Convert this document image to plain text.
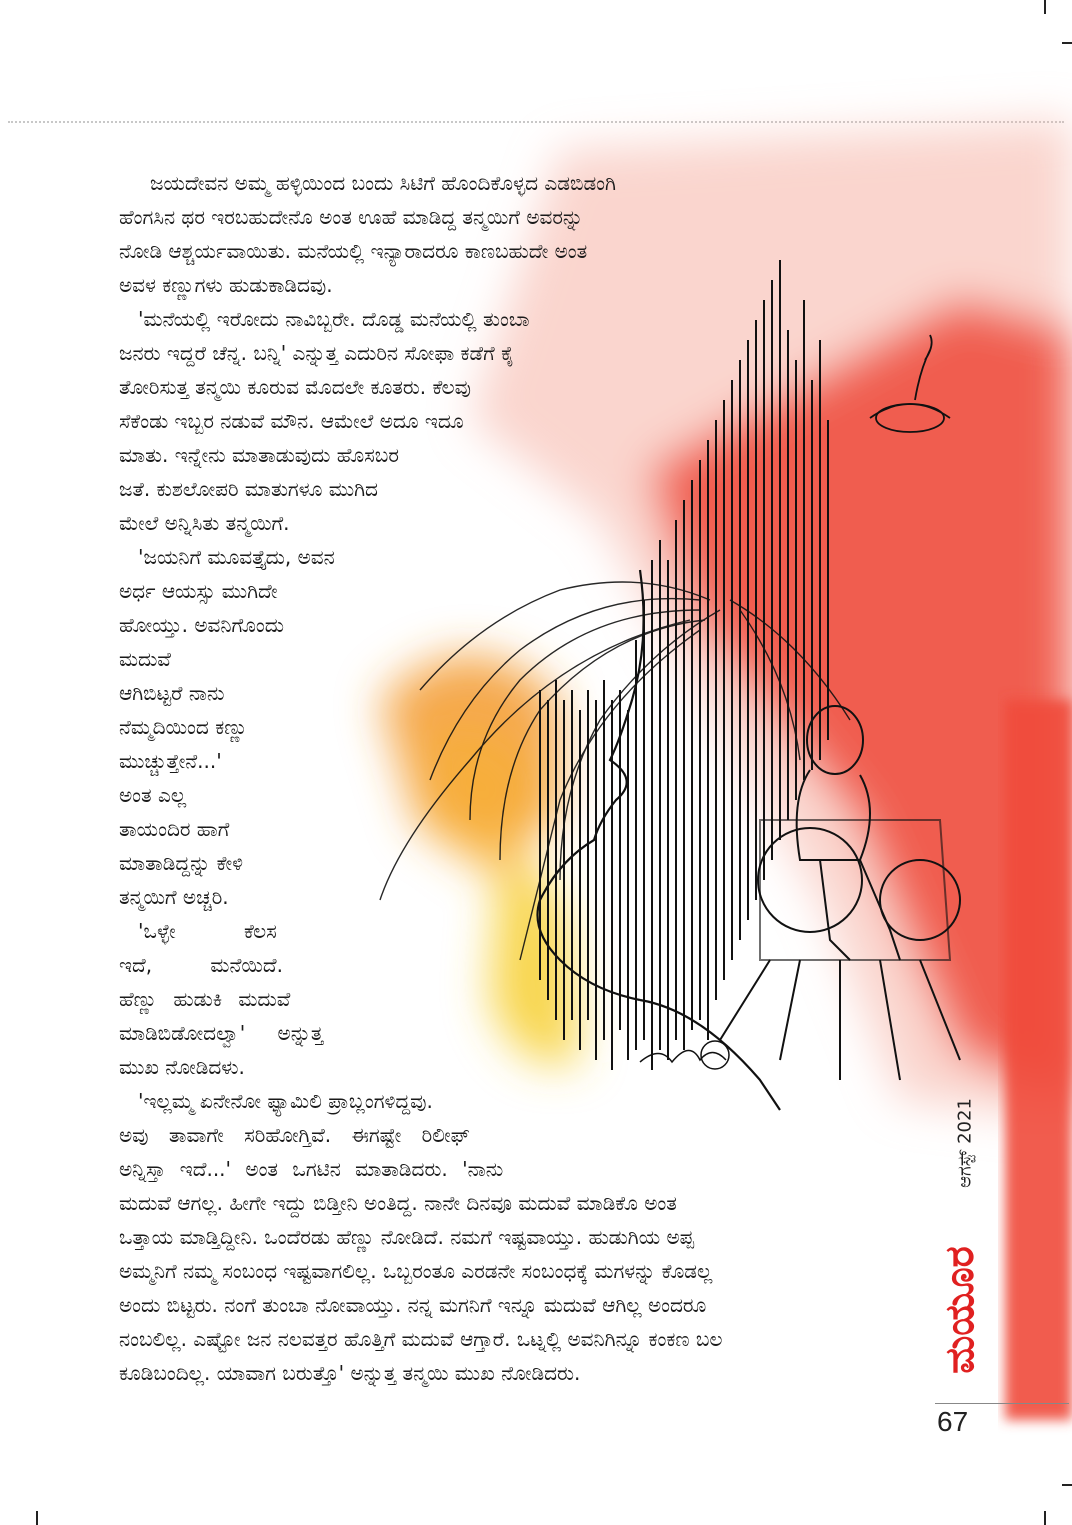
ಜಯದೇವನ ಅಮ್ಮ ಹಳ್ಳಿಯಿಂದ ಬಂದು ಸಿಟಿಗೆ ಹೊಂದಿಕೊಳ್ಳದ ಎಡಬಿಡಂಗಿ
ಹೆಂಗಸಿನ ಥರ ಇರಬಹುದೇನೊ ಅಂತ ಊಹೆ ಮಾಡಿದ್ದ ತನ್ಮಯಿಗೆ ಅವರನ್ನು
ನೋಡಿ ಆಶ್ಚರ್ಯವಾಯಿತು. ಮನೆಯಲ್ಲಿ ಇನ್ಯಾರಾದರೂ ಕಾಣಬಹುದೇ ಅಂತ
ಅವಳ ಕಣ್ಣುಗಳು ಹುಡುಕಾಡಿದವು.
'ಮನೆಯಲ್ಲಿ ಇರೋದು ನಾವಿಬ್ಬರೇ. ದೊಡ್ಡ ಮನೆಯಲ್ಲಿ ತುಂಬಾ
ಜನರು ಇದ್ದರೆ ಚೆನ್ನ. ಬನ್ನಿ' ಎನ್ನುತ್ತ ಎದುರಿನ ಸೋಫಾ ಕಡೆಗೆ ಕೈ
ತೋರಿಸುತ್ತ ತನ್ಮಯಿ ಕೂರುವ ಮೊದಲೇ ಕೂತರು. ಕೆಲವು
ಸೆಕೆಂಡು ಇಬ್ಬರ ನಡುವೆ ಮೌನ. ಆಮೇಲೆ ಅದೂ ಇದೂ
ಮಾತು. ಇನ್ನೇನು ಮಾತಾಡುವುದು ಹೊಸಬರ
ಜತೆ. ಕುಶಲೋಪರಿ ಮಾತುಗಳೂ ಮುಗಿದ
ಮೇಲೆ ಅನ್ನಿಸಿತು ತನ್ಮಯಿಗೆ.
'ಜಯನಿಗೆ ಮೂವತ್ತೈದು, ಅವನ
ಅರ್ಧ ಆಯಸ್ಸು ಮುಗಿದೇ
ಹೋಯ್ತು. ಅವನಿಗೊಂದು
ಮದುವೆ
ಆಗಿಬಿಟ್ಟರೆ ನಾನು
ನೆಮ್ಮದಿಯಿಂದ ಕಣ್ಣು
ಮುಚ್ಚುತ್ತೇನೆ...'
ಅಂತ ಎಲ್ಲ
ತಾಯಂದಿರ ಹಾಗೆ
ಮಾತಾಡಿದ್ದನ್ನು ಕೇಳಿ
ತನ್ಮಯಿಗೆ ಅಚ್ಚರಿ.
'ಒಳ್ಳೇ ಕೆಲಸ
ಇದೆ, ಮನೆಯಿದೆ.
ಹೆಣ್ಣು ಹುಡುಕಿ ಮದುವೆ
ಮಾಡಿಬಿಡೋದಲ್ವಾ' ಅನ್ನುತ್ತ
ಮುಖ ನೋಡಿದಳು.
'ಇಲ್ಲಮ್ಮ ಏನೇನೋ ಫ್ಯಾಮಿಲಿ ಪ್ರಾಬ್ಲಂಗಳಿದ್ದವು.
ಅವು ತಾವಾಗೇ ಸರಿಹೋಗ್ತಿವೆ. ಈಗಷ್ಟೇ ರಿಲೀಫ್
ಅನ್ನಿಸ್ತಾ ಇದೆ...' ಅಂತ ಒಗಟಿನ ಮಾತಾಡಿದರು. 'ನಾನು
ಮದುವೆ ಆಗಲ್ಲ. ಹೀಗೇ ಇದ್ದು ಬಿಡ್ತೀನಿ ಅಂತಿದ್ದ. ನಾನೇ ದಿನವೂ ಮದುವೆ ಮಾಡಿಕೊ ಅಂತ
ಒತ್ತಾಯ ಮಾಡ್ತಿದ್ದೀನಿ. ಒಂದೆರಡು ಹೆಣ್ಣು ನೋಡಿದೆ. ನಮಗೆ ಇಷ್ಟವಾಯ್ತು. ಹುಡುಗಿಯ ಅಪ್ಪ
ಅಮ್ಮನಿಗೆ ನಮ್ಮ ಸಂಬಂಧ ಇಷ್ಟವಾಗಲಿಲ್ಲ. ಒಬ್ಬರಂತೂ ಎರಡನೇ ಸಂಬಂಧಕ್ಕೆ ಮಗಳನ್ನು ಕೊಡಲ್ಲ
ಅಂದು ಬಿಟ್ಟರು. ನಂಗೆ ತುಂಬಾ ನೋವಾಯ್ತು. ನನ್ನ ಮಗನಿಗೆ ಇನ್ನೂ ಮದುವೆ ಆಗಿಲ್ಲ ಅಂದರೂ
ನಂಬಲಿಲ್ಲ. ಎಷ್ಟೋ ಜನ ನಲವತ್ತರ ಹೊತ್ತಿಗೆ ಮದುವೆ ಆಗ್ತಾರೆ. ಒಟ್ನಲ್ಲಿ ಅವನಿಗಿನ್ನೂ ಕಂಕಣ ಬಲ
ಕೂಡಿಬಂದಿಲ್ಲ. ಯಾವಾಗ ಬರುತ್ತೊ' ಅನ್ನುತ್ತ ತನ್ಮಯಿ ಮುಖ ನೋಡಿದರು.
ಆಗಸ್ಟ್ 2021
ಮಯೂರ
67
